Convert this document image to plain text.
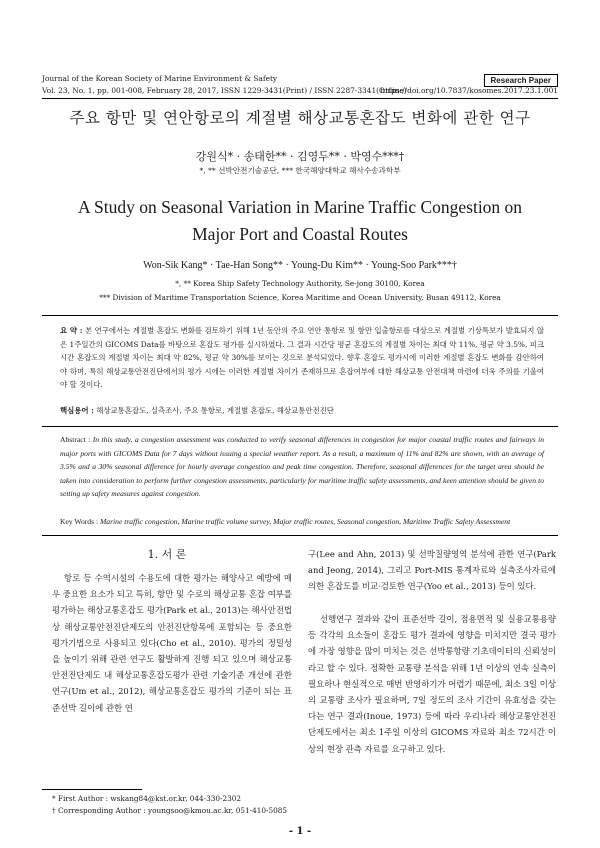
Journal of the Korean Society of Marine Environment & Safety	Research Paper
Vol. 23, No. 1, pp. 001-008, February 28, 2017, ISSN 1229-3431(Print) / ISSN 2287-3341(Online)
https://doi.org/10.7837/kosomes.2017.23.1.001
주요 항만 및 연안항로의 계절별 해상교통혼잡도 변화에 관한 연구
강원식* · 송태한** · 김영두** · 박영수***†
*, ** 선박안전기술공단, *** 한국해양대학교 해사수송과학부
A Study on Seasonal Variation in Marine Traffic Congestion on
Major Port and Coastal Routes
Won-Sik Kang* · Tae-Han Song** · Young-Du Kim** · Young-Soo Park***†
*, ** Korea Ship Safety Technology Authority, Se-jong 30100, Korea
*** Division of Maritime Transportation Science, Korea Maritime and Ocean University, Busan 49112, Korea
요 약 : 본 연구에서는 계절별 혼잡도 변화를 검토하기 위해 1년 동안의 주요 연안 통항로 및 항만 입출항로를 대상으로 계절별 기상특보가 발효되지 않은 1주일간의 GICOMS Data를 바탕으로 혼잡도 평가를 실시하였다. 그 결과 시간당 평균 혼잡도의 계절별 차이는 최대 약 11%, 평균 약 3.5%, 피크시간 혼잡도의 계절별 차이는 최대 약 82%, 평균 약 30%를 보이는 것으로 분석되었다. 향후 혼잡도 평가시에 이러한 계절별 혼잡도 변화를 감안하여야 하며, 특히 해상교통안전진단에서의 평가 시에는 이러한 계절별 차이가 존재하므로 혼잡여부에 대한 해상교통 안전대책 마련에 더욱 주의를 기울여야 할 것이다.
핵심용어 : 해상교통혼잡도, 실측조사, 주요 통항로, 계절별 혼잡도, 해상교통안전진단
Abstract : In this study, a congestion assessment was conducted to verify seasonal differences in congestion for major coastal traffic routes and fairways in major ports with GICOMS Data for 7 days without issuing a special weather report. As a result, a maximum of 11% and 82% are shown, with an average of 3.5% and a 30% seasonal difference for hourly average congestion and peak time congestion. Therefore, seasonal differences for the target area should be taken into consideration to perform further congestion assessments, particularly for maritime traffic safety assessments, and keen attention should be given to setting up safety measures against congestion.
Key Words : Marine traffic congestion, Marine traffic volume survey, Major traffic routes, Seasonal congestion, Maritime Traffic Safety Assessment
1. 서 론
항로 등 수역시설의 수용도에 대한 평가는 해양사고 예방에 매우 중요한 요소가 되고 특히, 항만 및 수로의 해상교통 혼잡 여부를 평가하는 해상교통혼잡도 평가(Park et al., 2013)는 해사안전법 상 해상교통안전진단제도의 안전진단항목에 포함되는 등 중요한 평가기법으로 사용되고 있다(Cho et al., 2010). 평가의 정밀성을 높이기 위해 관련 연구도 활발하게 진행 되고 있으며 해상교통안전진단제도 내 해상교통혼잡도평가 관련 기술기준 개선에 관한 연구(Um et al., 2012), 해상교통혼잡도 평가의 기준이 되는 표준선박 길이에 관한 연
* First Author : wskang84@kst.or.kr, 044-330-2302
† Corresponding Author : youngsoo@kmou.ac.kr, 051-410-5085
구(Lee and Ahn, 2013) 및 선박질량영역 분석에 관한 연구(Park and Jeong, 2014), 그리고 Port-MIS 통계자료와 실측조사자료에 의한 혼잡도를 비교·검토한 연구(Yoo et al., 2013) 등이 있다.
선행연구 결과와 같이 표준선박 길이, 점용면적 및 실용교통용량 등 각각의 요소들이 혼잡도 평가 결과에 영향을 미치지만 결국 평가에 가장 영향을 많이 미치는 것은 선박통항량 기초데이터의 신뢰성이라고 할 수 있다. 정확한 교통량 분석을 위해 1년 이상의 연속 실측이 필요하나 현실적으로 매번 반영하기가 어렵기 때문에, 최소 3일 이상의 교통량 조사가 필요하며, 7일 정도의 조사 기간이 유효성을 갖는다는 연구 결과(Inoue, 1973) 등에 따라 우리나라 해상교통안전진단제도에서는 최소 1주일 이상의 GICOMS 자료와 최소 72시간 이상의 현장 관측 자료를 요구하고 있다.
- 1 -
